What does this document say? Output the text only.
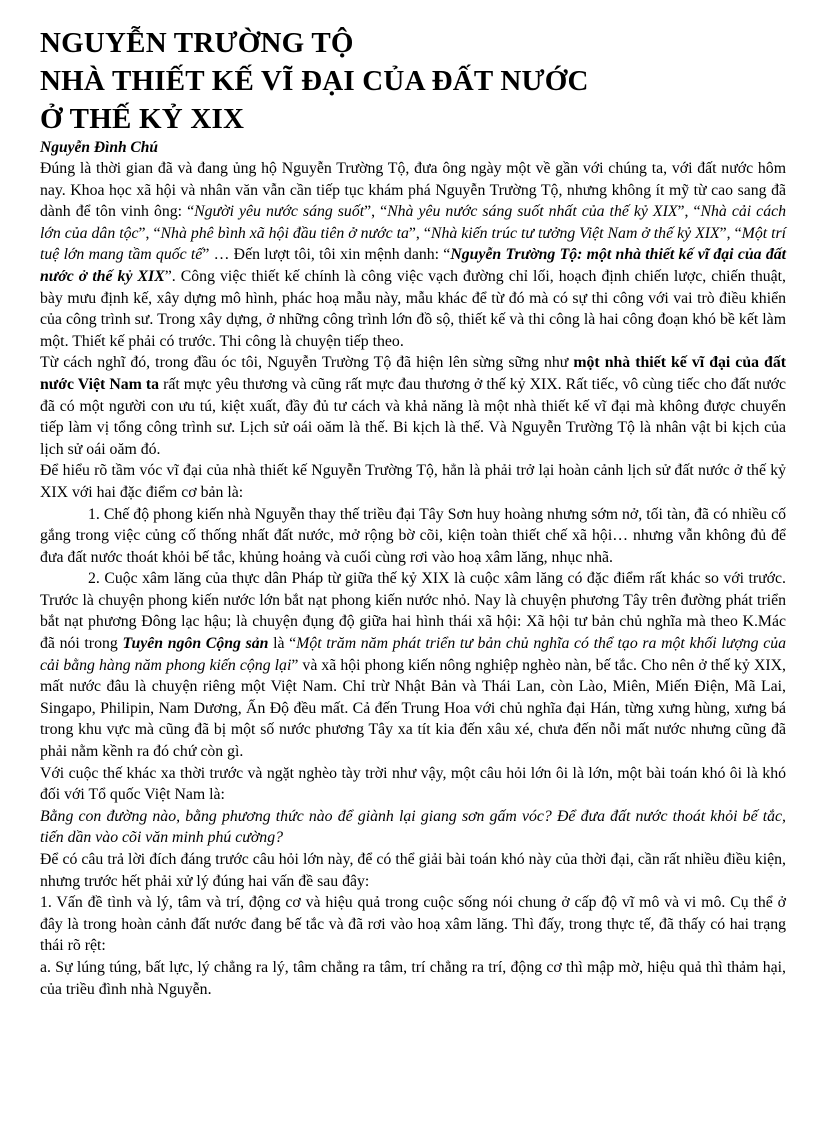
NGUYỄN TRƯỜNG TỘ
NHÀ THIẾT KẾ VĨ ĐẠI CỦA ĐẤT NƯỚC
Ở THẾ KỶ XIX

Nguyễn Đình Chú

Đúng là thời gian đã và đang ủng hộ Nguyễn Trường Tộ, đưa ông ngày một về gần với chúng ta, với đất nước hôm nay. Khoa học xã hội và nhân văn vẫn cần tiếp tục khám phá Nguyễn Trường Tộ, nhưng không ít mỹ từ cao sang đã dành để tôn vinh ông: “Người yêu nước sáng suốt”, “Nhà yêu nước sáng suốt nhất của thế kỷ XIX”, “Nhà cải cách lớn của dân tộc”, “Nhà phê bình xã hội đầu tiên ở nước ta”, “Nhà kiến trúc tư tưởng Việt Nam ở thế kỷ XIX”, “Một trí tuệ lớn mang tầm quốc tế” … Đến lượt tôi, tôi xin mệnh danh: “Nguyễn Trường Tộ: một nhà thiết kế vĩ đại của đất nước ở thế kỷ XIX”. Công việc thiết kế chính là công việc vạch đường chỉ lối, hoạch định chiến lược, chiến thuật, bày mưu định kế, xây dựng mô hình, phác hoạ mẫu này, mẫu khác để từ đó mà có sự thi công với vai trò điều khiển của công trình sư. Trong xây dựng, ở những công trình lớn đồ sộ, thiết kế và thi công là hai công đoạn khó bề kết làm một. Thiết kế phải có trước. Thi công là chuyện tiếp theo.

Từ cách nghĩ đó, trong đầu óc tôi, Nguyễn Trường Tộ đã hiện lên sừng sững như một nhà thiết kế vĩ đại của đất nước Việt Nam ta rất mực yêu thương và cũng rất mực đau thương ở thế kỷ XIX. Rất tiếc, vô cùng tiếc cho đất nước đã có một người con ưu tú, kiệt xuất, đầy đủ tư cách và khả năng là một nhà thiết kế vĩ đại mà không được chuyển tiếp làm vị tổng công trình sư. Lịch sử oái oăm là thế. Bi kịch là thế. Và Nguyễn Trường Tộ là nhân vật bi kịch của lịch sử oái oăm đó.

Để hiểu rõ tầm vóc vĩ đại của nhà thiết kế Nguyễn Trường Tộ, hẳn là phải trở lại hoàn cảnh lịch sử đất nước ở thế kỷ XIX với hai đặc điểm cơ bản là:

1. Chế độ phong kiến nhà Nguyễn thay thế triều đại Tây Sơn huy hoàng nhưng sớm nở, tối tàn, đã có nhiều cố gắng trong việc củng cố thống nhất đất nước, mở rộng bờ cõi, kiện toàn thiết chế xã hội… nhưng vẫn không đủ để đưa đất nước thoát khỏi bế tắc, khủng hoảng và cuối cùng rơi vào hoạ xâm lăng, nhục nhã.

2. Cuộc xâm lăng của thực dân Pháp từ giữa thế kỷ XIX là cuộc xâm lăng có đặc điểm rất khác so với trước. Trước là chuyện phong kiến nước lớn bắt nạt phong kiến nước nhỏ. Nay là chuyện phương Tây trên đường phát triển bắt nạt phương Đông lạc hậu; là chuyện đụng độ giữa hai hình thái xã hội: Xã hội tư bản chủ nghĩa mà theo K.Mác đã nói trong Tuyên ngôn Cộng sản là “Một trăm năm phát triển tư bản chủ nghĩa có thể tạo ra một khối lượng của cải bằng hàng năm phong kiến cộng lại” và xã hội phong kiến nông nghiệp nghèo nàn, bế tắc. Cho nên ở thế kỷ XIX, mất nước đâu là chuyện riêng một Việt Nam. Chỉ trừ Nhật Bản và Thái Lan, còn Lào, Miên, Miến Điện, Mã Lai, Singapo, Philipin, Nam Dương, Ấn Độ đều mất. Cả đến Trung Hoa với chủ nghĩa đại Hán, từng xưng hùng, xưng bá trong khu vực mà cũng đã bị một số nước phương Tây xa tít kia đến xâu xé, chưa đến nỗi mất nước nhưng cũng đã phải nằm kềnh ra đó chứ còn gì.

Với cuộc thế khác xa thời trước và ngặt nghèo tày trời như vậy, một câu hỏi lớn ôi là lớn, một bài toán khó ôi là khó đối với Tổ quốc Việt Nam là:

Bằng con đường nào, bằng phương thức nào để giành lại giang sơn gấm vóc? Để đưa đất nước thoát khỏi bế tắc, tiến dần vào cõi văn minh phú cường?

Để có câu trả lời đích đáng trước câu hỏi lớn này, để có thể giải bài toán khó này của thời đại, cần rất nhiều điều kiện, nhưng trước hết phải xử lý đúng hai vấn đề sau đây:

1. Vấn đề tình và lý, tâm và trí, động cơ và hiệu quả trong cuộc sống nói chung ở cấp độ vĩ mô và vi mô. Cụ thể ở đây là trong hoàn cảnh đất nước đang bế tắc và đã rơi vào hoạ xâm lăng. Thì đấy, trong thực tế, đã thấy có hai trạng thái rõ rệt:

a. Sự lúng túng, bất lực, lý chẳng ra lý, tâm chẳng ra tâm, trí chẳng ra trí, động cơ thì mập mờ, hiệu quả thì thảm hại, của triều đình nhà Nguyễn.
